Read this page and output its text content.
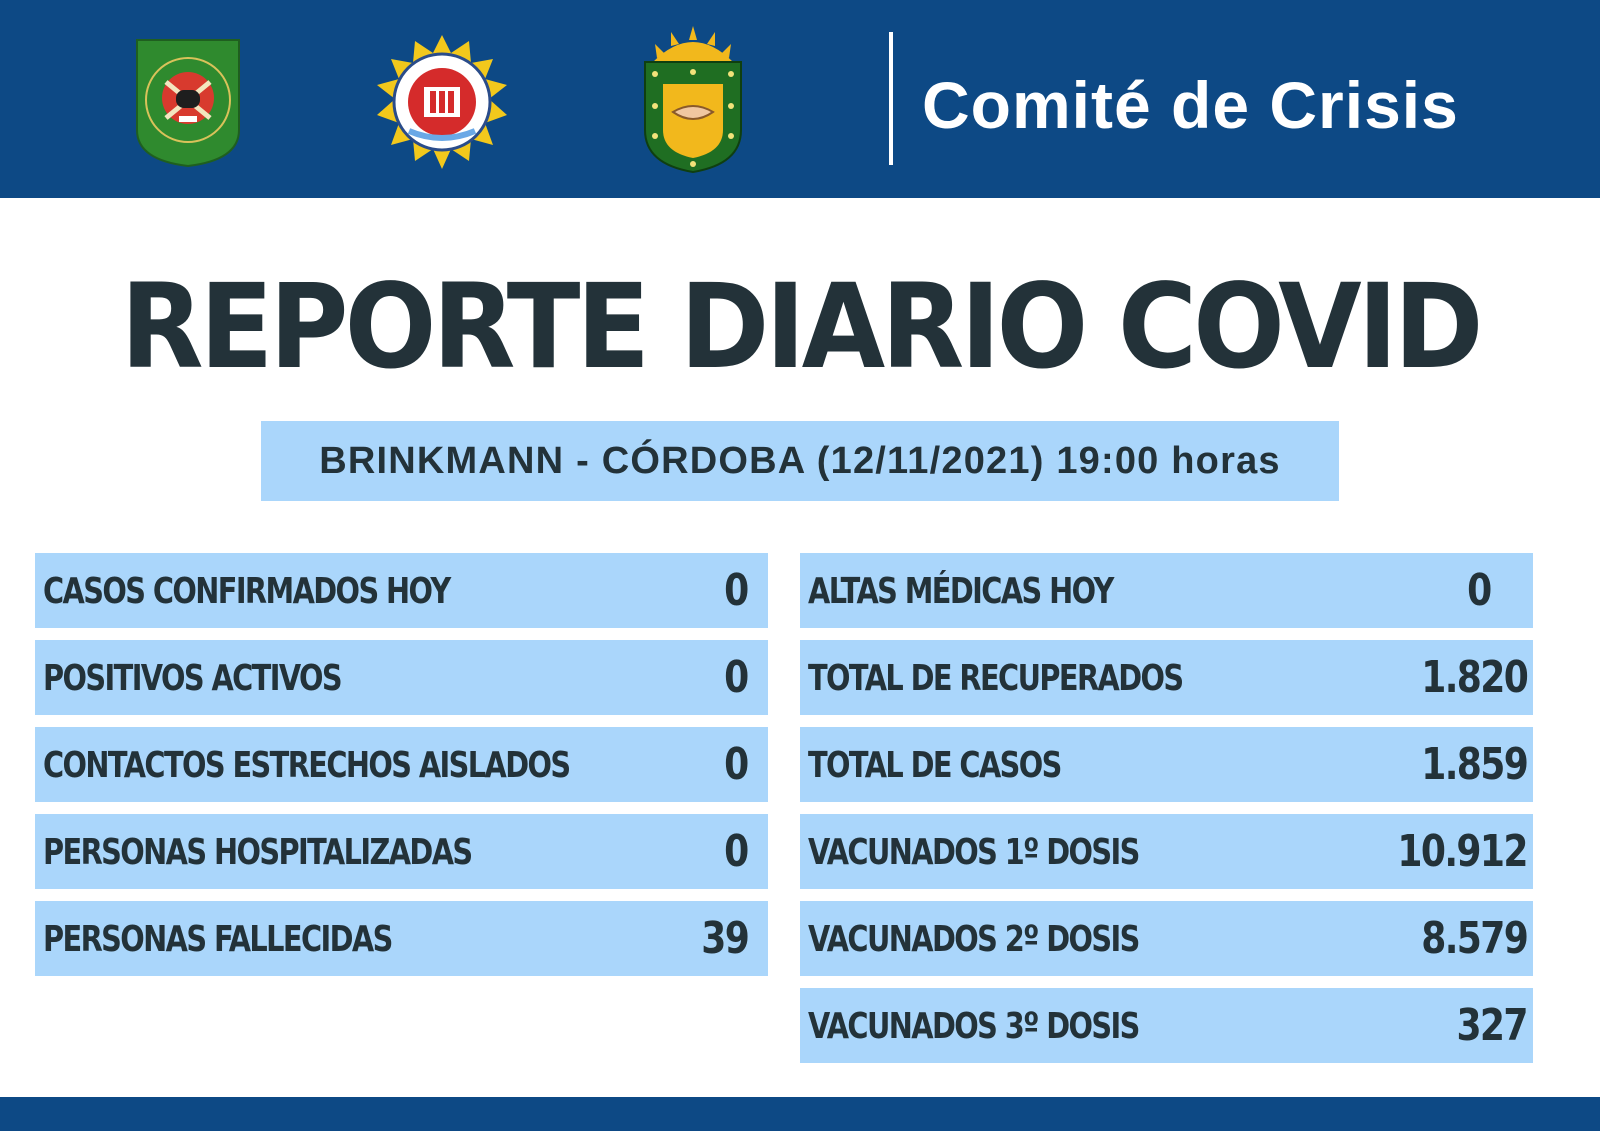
Comité de Crisis
REPORTE DIARIO COVID
BRINKMANN - CÓRDOBA (12/11/2021) 19:00 horas
CASOS CONFIRMADOS HOY	0
POSITIVOS ACTIVOS	0
CONTACTOS ESTRECHOS AISLADOS	0
PERSONAS HOSPITALIZADAS	0
PERSONAS FALLECIDAS	39
ALTAS MÉDICAS HOY	0
TOTAL DE RECUPERADOS	1.820
TOTAL DE CASOS	1.859
VACUNADOS 1º DOSIS	10.912
VACUNADOS 2º DOSIS	8.579
VACUNADOS 3º DOSIS	327
